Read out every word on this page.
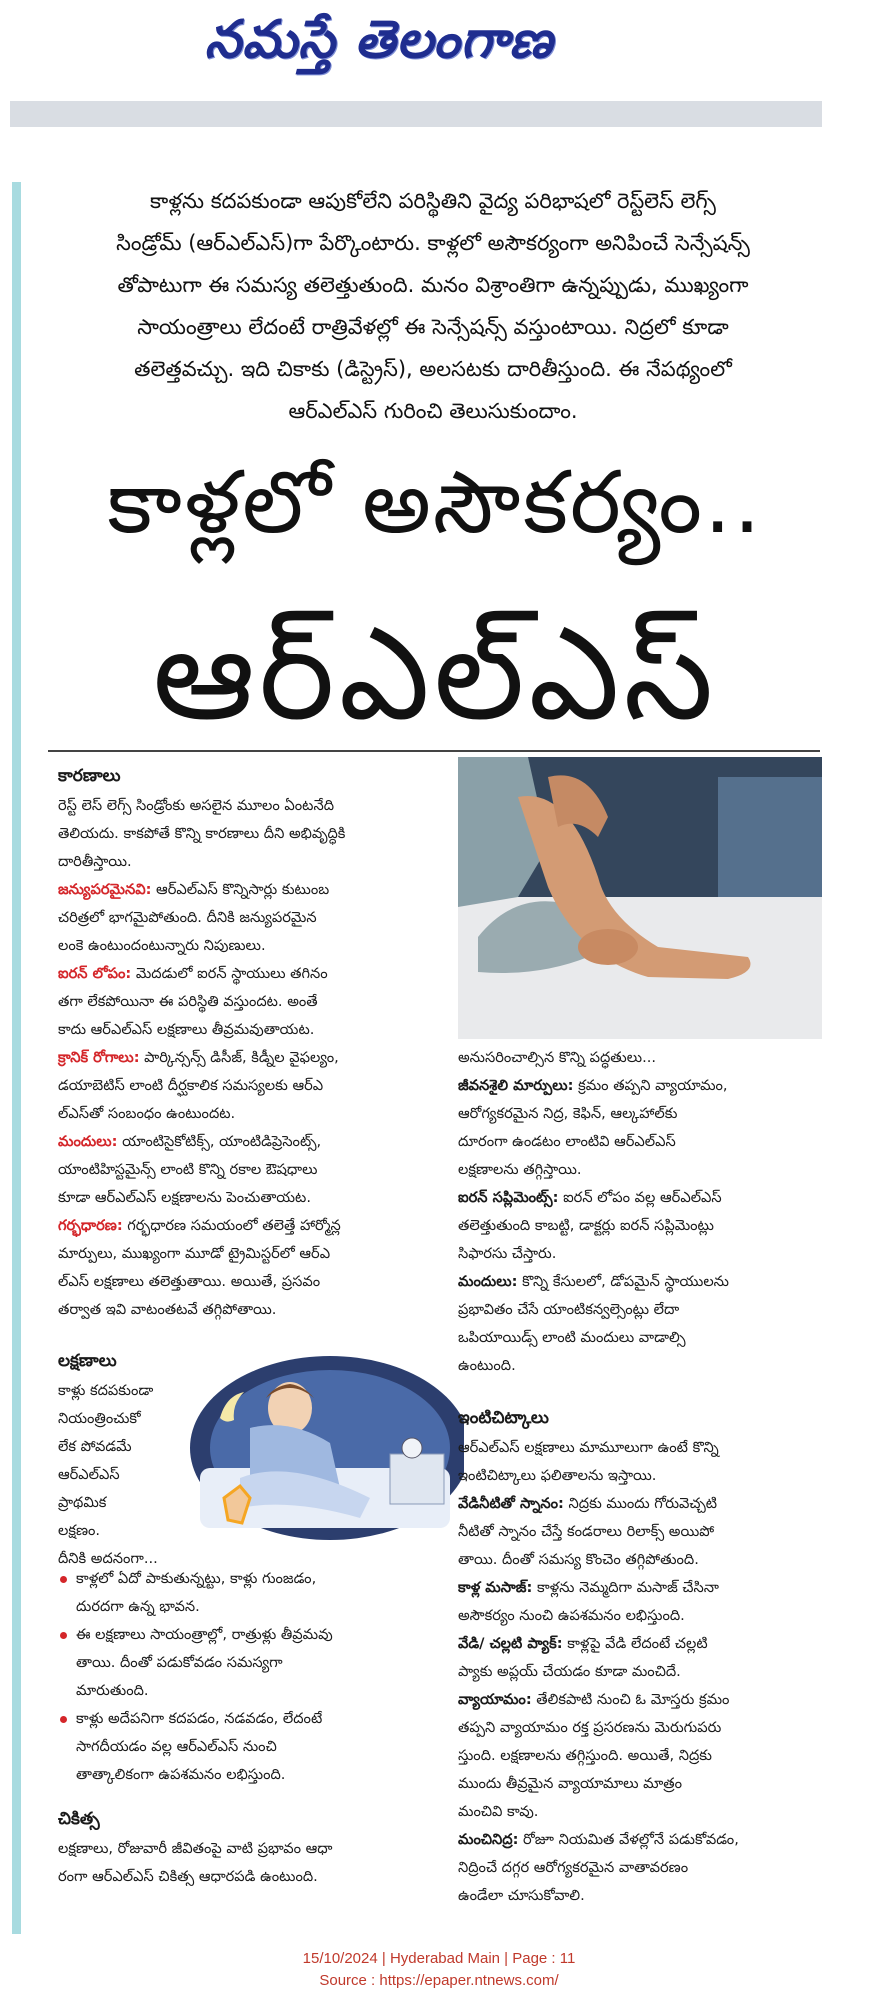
నమస్తే తెలంగాణ
కాళ్లను కదపకుండా ఆపుకోలేని పరిస్థితిని వైద్య పరిభాషలో రెస్ట్‌లెస్ లెగ్స్
సిండ్రోమ్ (ఆర్ఎల్ఎస్)గా పేర్కొంటారు. కాళ్లలో అసౌకర్యంగా అనిపించే సెన్సేషన్స్
తోపాటుగా ఈ సమస్య తలెత్తుతుంది. మనం విశ్రాంతిగా ఉన్నప్పుడు, ముఖ్యంగా
సాయంత్రాలు లేదంటే రాత్రివేళల్లో ఈ సెన్సేషన్స్ వస్తుంటాయి. నిద్రలో కూడా
తలెత్తవచ్చు. ఇది చికాకు (డిస్ట్రెస్), అలసటకు దారితీస్తుంది. ఈ నేపథ్యంలో
ఆర్ఎల్ఎస్ గురించి తెలుసుకుందాం.
కాళ్లలో అసౌకర్యం..
ఆర్ఎల్ఎస్
కారణాలు

రెస్ట్ లెస్ లెగ్స్ సిండ్రోంకు అసలైన మూలం ఏంటనేది

తెలియదు. కాకపోతే కొన్ని కారణాలు దీని అభివృద్ధికి

దారితీస్తాయి.

జన్యుపరమైనవి: ఆర్ఎల్ఎస్ కొన్నిసార్లు కుటుంబ

చరిత్రలో భాగమైపోతుంది. దీనికి జన్యుపరమైన

లంకె ఉంటుందంటున్నారు నిపుణులు.

ఐరన్ లోపం: మెదడులో ఐరన్ స్థాయులు తగినం

తగా లేకపోయినా ఈ పరిస్థితి వస్తుందట. అంతే

కాదు ఆర్ఎల్ఎస్ లక్షణాలు తీవ్రమవుతాయట.

క్రానిక్ రోగాలు: పార్కిన్సన్స్ డిసీజ్, కిడ్నీల వైఫల్యం,

డయాబెటిస్ లాంటి దీర్ఘకాలిక సమస్యలకు ఆర్ఎ

ల్ఎస్‌తో సంబంధం ఉంటుందట.

మందులు: యాంటిసైకోటిక్స్, యాంటిడిప్రెసెంట్స్,

యాంటిహిస్టమైన్స్ లాంటి కొన్ని రకాల ఔషధాలు

కూడా ఆర్ఎల్ఎస్ లక్షణాలను పెంచుతాయట.

గర్భధారణ: గర్భధారణ సమయంలో తలెత్తే హార్మోన్ల

మార్పులు, ముఖ్యంగా మూడో ట్రైమిస్టర్‌లో ఆర్ఎ

ల్ఎస్ లక్షణాలు తలెత్తుతాయి. అయితే, ప్రసవం

తర్వాత ఇవి వాటంతటవే తగ్గిపోతాయి.

లక్షణాలు

కాళ్లు కదపకుండా

నియంత్రించుకో

లేక పోవడమే

ఆర్ఎల్ఎస్

ప్రాథమిక

లక్షణం.

దీనికి అదనంగా...

కాళ్లలో ఏదో పాకుతున్నట్టు, కాళ్లు గుంజడం,

దురదగా ఉన్న భావన.

ఈ లక్షణాలు సాయంత్రాల్లో, రాత్రుళ్లు తీవ్రమవు

తాయి. దీంతో పడుకోవడం సమస్యగా

మారుతుంది.

కాళ్లు అదేపనిగా కదపడం, నడవడం, లేదంటే

సాగదీయడం వల్ల ఆర్ఎల్ఎస్ నుంచి

తాత్కాలికంగా ఉపశమనం లభిస్తుంది.

చికిత్స

లక్షణాలు, రోజువారీ జీవితంపై వాటి ప్రభావం ఆధా

రంగా ఆర్ఎల్ఎస్ చికిత్స ఆధారపడి ఉంటుంది.

అనుసరించాల్సిన కొన్ని పద్ధతులు...

జీవనశైలి మార్పులు: క్రమం తప్పని వ్యాయామం,

ఆరోగ్యకరమైన నిద్ర, కెఫిన్, ఆల్కహాల్‌కు

దూరంగా ఉండటం లాంటివి ఆర్ఎల్ఎస్

లక్షణాలను తగ్గిస్తాయి.

ఐరన్ సప్లిమెంట్స్: ఐరన్ లోపం వల్ల ఆర్ఎల్ఎస్

తలెత్తుతుంది కాబట్టి, డాక్టర్లు ఐరన్ సప్లిమెంట్లు

సిఫారసు చేస్తారు.

మందులు: కొన్ని కేసులలో, డోపమైన్ స్థాయులను

ప్రభావితం చేసే యాంటికన్వల్సెంట్లు లేదా

ఒపియాయిడ్స్ లాంటి మందులు వాడాల్సి

ఉంటుంది.

ఇంటిచిట్కాలు

ఆర్ఎల్ఎస్ లక్షణాలు మామూలుగా ఉంటే కొన్ని

ఇంటిచిట్కాలు ఫలితాలను ఇస్తాయి.

వేడినీటితో స్నానం: నిద్రకు ముందు గోరువెచ్చటి

నీటితో స్నానం చేస్తే కండరాలు రిలాక్స్ అయిపో

తాయి. దీంతో సమస్య కొంచెం తగ్గిపోతుంది.

కాళ్ల మసాజ్: కాళ్లను నెమ్మదిగా మసాజ్ చేసినా

అసౌకర్యం నుంచి ఉపశమనం లభిస్తుంది.

వేడి/ చల్లటి ప్యాక్: కాళ్లపై వేడి లేదంటే చల్లటి

ప్యాకు అప్లయ్ చేయడం కూడా మంచిదే.

వ్యాయామం: తేలికపాటి నుంచి ఓ మోస్తరు క్రమం

తప్పని వ్యాయామం రక్త ప్రసరణను మెరుగుపరు

స్తుంది. లక్షణాలను తగ్గిస్తుంది. అయితే, నిద్రకు

ముందు తీవ్రమైన వ్యాయామాలు మాత్రం

మంచివి కావు.

మంచినిద్ర: రోజూ నియమిత వేళల్లోనే పడుకోవడం,

నిద్రించే దగ్గర ఆరోగ్యకరమైన వాతావరణం

ఉండేలా చూసుకోవాలి.

15/10/2024 | Hyderabad Main | Page : 11
Source : https://epaper.ntnews.com/
